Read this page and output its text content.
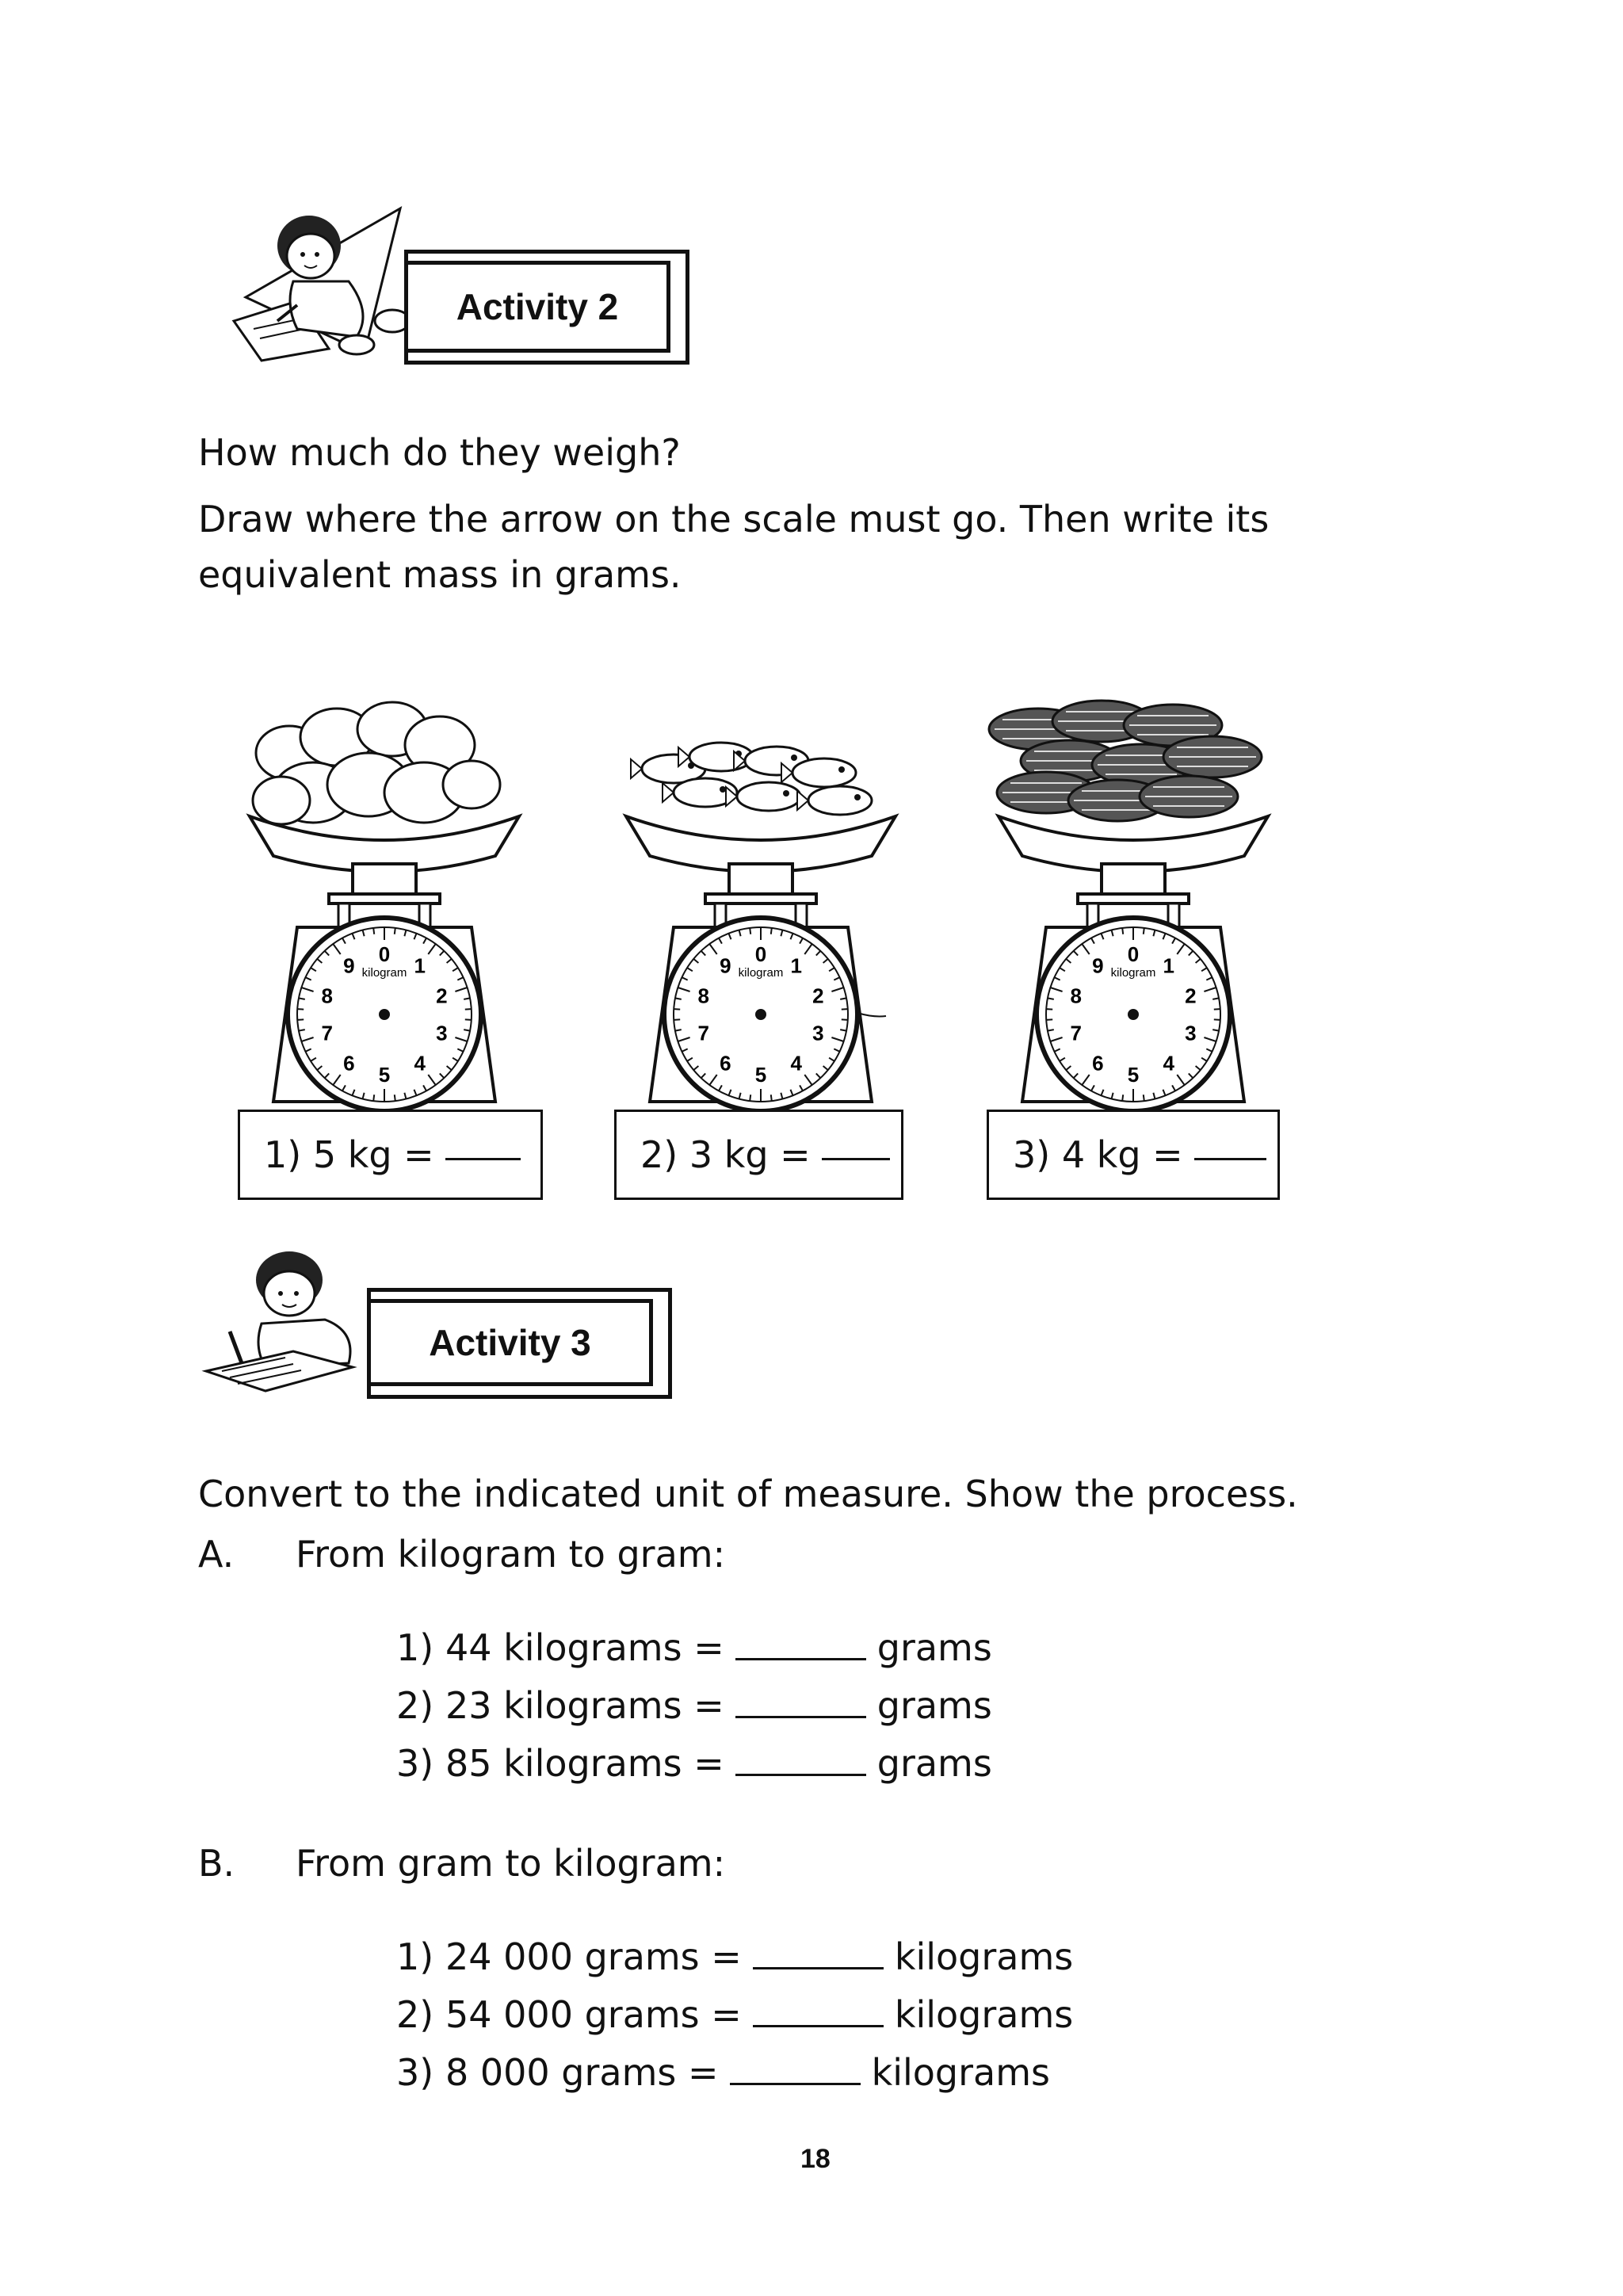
Activity 2
How much do they weigh?
Draw where the arrow on the scale must go. Then write its
equivalent mass in grams.
0 1
2
3
4
5
6
7
8
9 kilogram
0 1
2
3
4
5
6
7
8
9 kilogram
0 1
2
3
4
5
6
7
8
9 kilogram
1) 5 kg =	2) 3 kg =	3) 4 kg =
Activity 3
Convert to the indicated unit of measure. Show the process.
A. From kilogram to gram:
1) 44 kilograms =	grams
2) 23 kilograms =	grams
3) 85 kilograms =	grams
B. From gram to kilogram:
1) 24 000 grams =	kilograms
2) 54 000 grams =	kilograms
3) 8 000 grams =	kilograms
18
